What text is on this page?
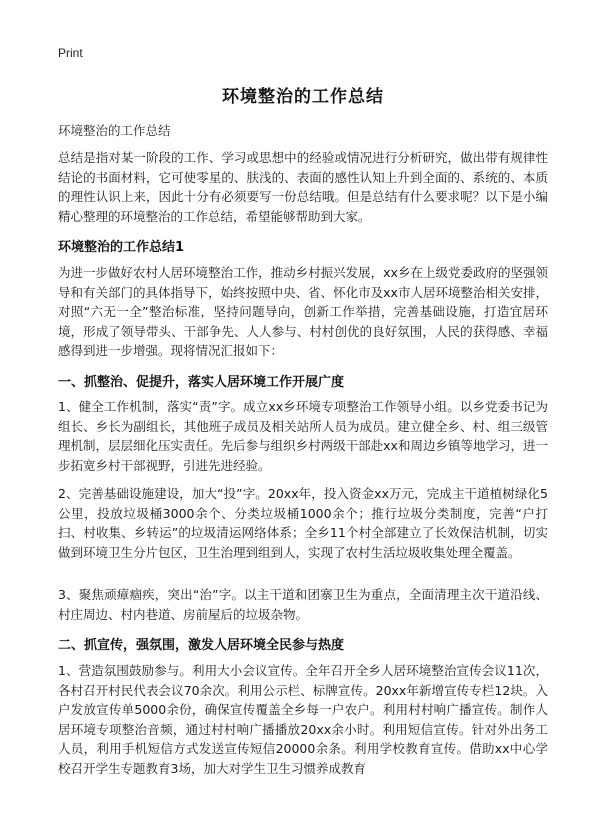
Print
环境整治的工作总结
环境整治的工作总结
总结是指对某一阶段的工作、学习或思想中的经验或情况进行分析研究，做出带有规律性结论的书面材料，它可使零星的、肤浅的、表面的感性认知上升到全面的、系统的、本质的理性认识上来，因此十分有必须要写一份总结哦。但是总结有什么要求呢？以下是小编精心整理的环境整治的工作总结，希望能够帮助到大家。
环境整治的工作总结1
为进一步做好农村人居环境整治工作，推动乡村振兴发展，xx乡在上级党委政府的坚强领导和有关部门的具体指导下，始终按照中央、省、怀化市及xx市人居环境整治相关安排，对照“六无一全”整治标准，坚持问题导向，创新工作举措，完善基础设施，打造宜居环境，形成了领导带头、干部争先、人人参与、村村创优的良好氛围，人民的获得感、幸福感得到进一步增强。现将情况汇报如下：
一、抓整治、促提升，落实人居环境工作开展广度
1、健全工作机制，落实“责”字。成立xx乡环境专项整治工作领导小组。以乡党委书记为组长、乡长为副组长，其他班子成员及相关站所人员为成员。建立健全乡、村、组三级管理机制，层层细化压实责任。先后参与组织乡村两级干部赴xx和周边乡镇等地学习，进一步拓宽乡村干部视野，引进先进经验。
2、完善基础设施建设，加大“投”字。20xx年，投入资金xx万元，完成主干道植树绿化5公里，投放垃圾桶3000余个、分类垃圾桶1000余个；推行垃圾分类制度，完善“户打扫、村收集、乡转运”的垃圾清运网络体系；全乡11个村全部建立了长效保洁机制，切实做到环境卫生分片包区，卫生治理到组到人，实现了农村生活垃圾收集处理全覆盖。
3、聚焦顽瘴痼疾，突出“治”字。以主干道和团寨卫生为重点，全面清理主次干道沿线、村庄周边、村内巷道、房前屋后的垃圾杂物。
二、抓宣传，强氛围，激发人居环境全民参与热度
1、营造氛围鼓励参与。利用大小会议宣传。全年召开全乡人居环境整治宣传会议11次，各村召开村民代表会议70余次。利用公示栏、标牌宣传。20xx年新增宣传专栏12块。入户发放宣传单5000余份，确保宣传覆盖全乡每一户农户。利用村村响广播宣传。制作人居环境专项整治音频，通过村村响广播播放20xx余小时。利用短信宣传。针对外出务工人员，利用手机短信方式发送宣传短信20000余条。利用学校教育宣传。借助xx中心学校召开学生专题教育3场，加大对学生卫生习惯养成教育
